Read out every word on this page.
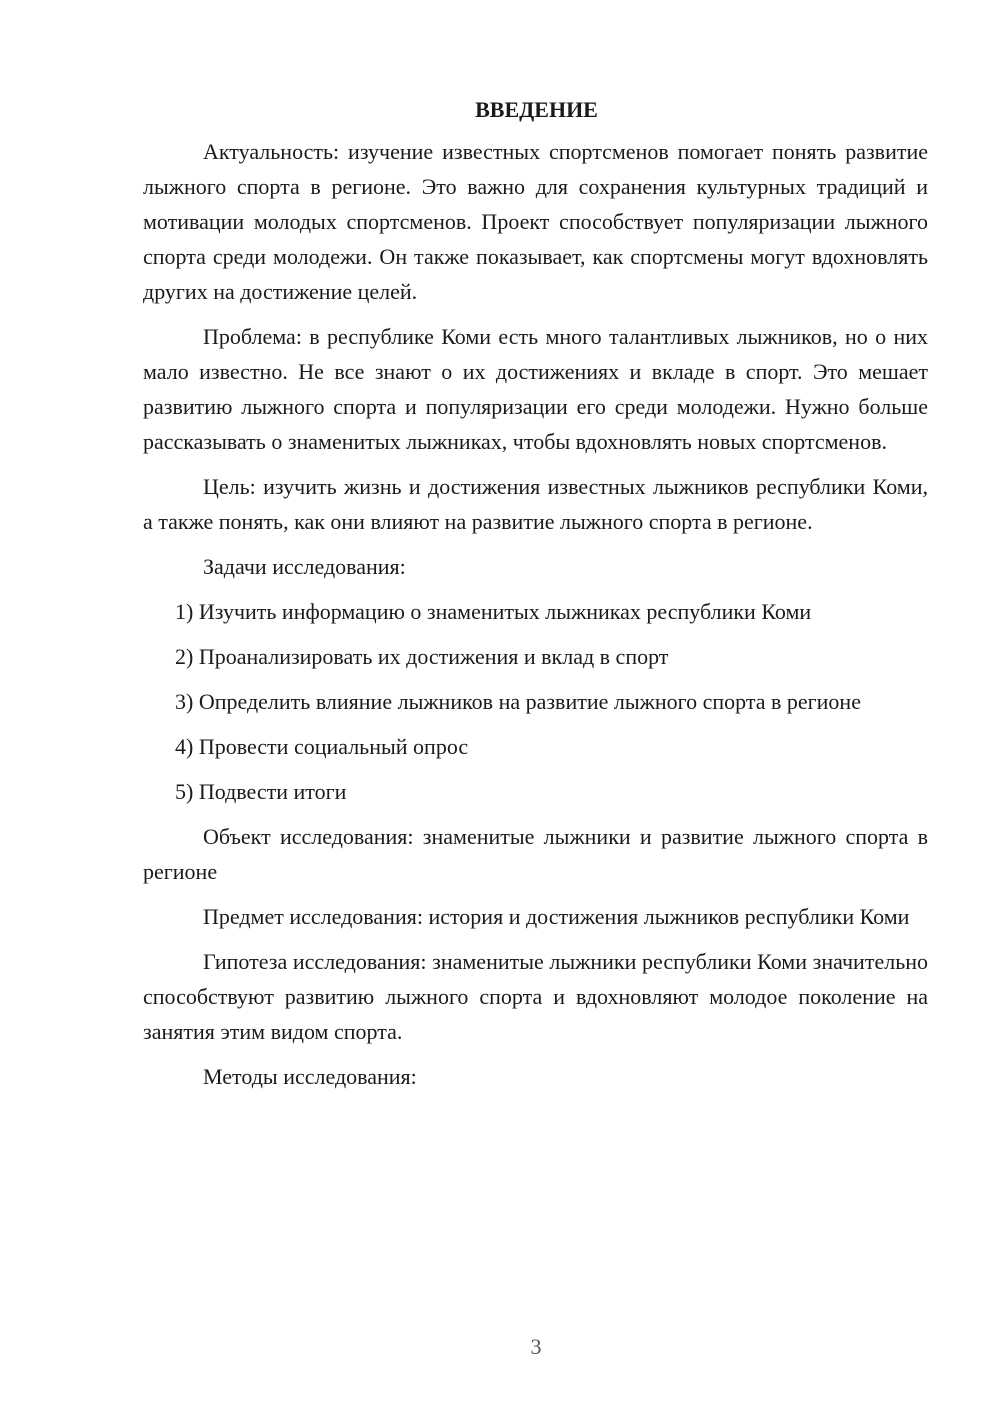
ВВЕДЕНИЕ

Актуальность: изучение известных спортсменов помогает понять развитие лыжного спорта в регионе. Это важно для сохранения культурных традиций и мотивации молодых спортсменов. Проект способствует популяризации лыжного спорта среди молодежи. Он также показывает, как спортсмены могут вдохновлять других на достижение целей.

Проблема: в республике Коми есть много талантливых лыжников, но о них мало известно. Не все знают о их достижениях и вкладе в спорт. Это мешает развитию лыжного спорта и популяризации его среди молодежи. Нужно больше рассказывать о знаменитых лыжниках, чтобы вдохновлять новых спортсменов.

Цель: изучить жизнь и достижения известных лыжников республики Коми, а также понять, как они влияют на развитие лыжного спорта в регионе.

Задачи исследования:

1) Изучить информацию о знаменитых лыжниках республики Коми

2) Проанализировать их достижения и вклад в спорт

3) Определить влияние лыжников на развитие лыжного спорта в регионе

4) Провести социальный опрос

5) Подвести итоги

Объект исследования: знаменитые лыжники и развитие лыжного спорта в регионе

Предмет исследования: история и достижения лыжников республики Коми

Гипотеза исследования: знаменитые лыжники республики Коми значительно способствуют развитию лыжного спорта и вдохновляют молодое поколение на занятия этим видом спорта.

Методы исследования:

3
